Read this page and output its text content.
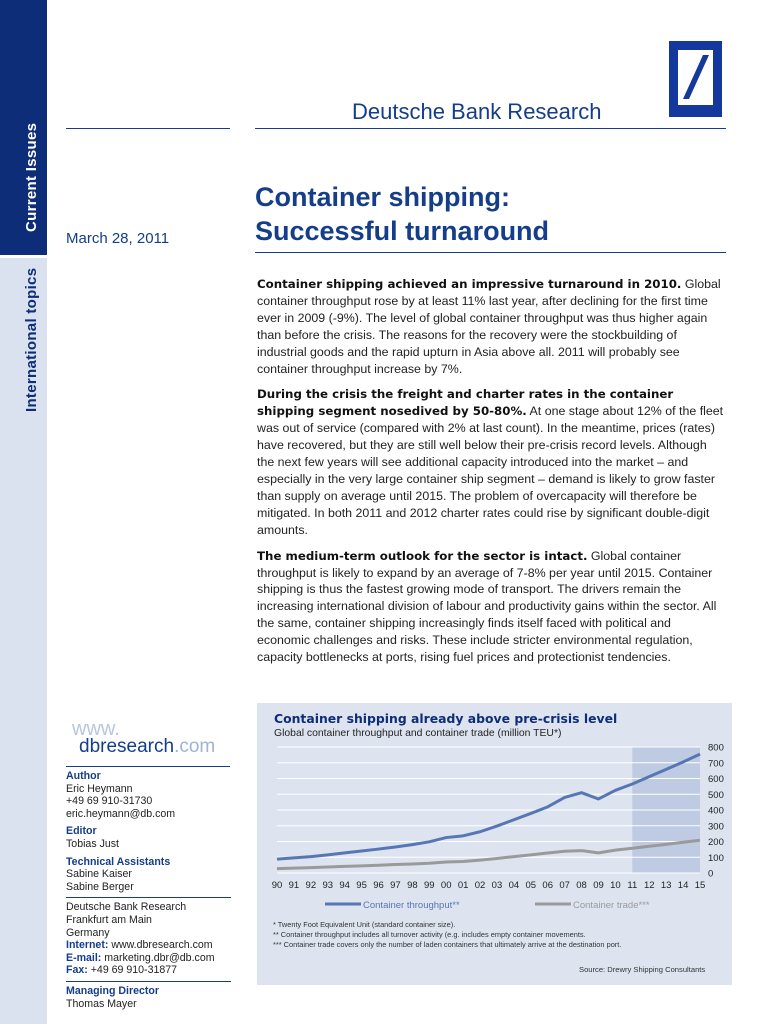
Current Issues
International topics
Deutsche Bank Research
March 28, 2011
Container shipping:
Successful turnaround

Container shipping achieved an impressive turnaround in 2010. Global container throughput rose by at least 11% last year, after declining for the first time ever in 2009 (-9%). The level of global container throughput was thus higher again than before the crisis. The reasons for the recovery were the stockbuilding of industrial goods and the rapid upturn in Asia above all. 2011 will probably see container throughput increase by 7%.

During the crisis the freight and charter rates in the container shipping segment nosedived by 50-80%. At one stage about 12% of the fleet was out of service (compared with 2% at last count). In the meantime, prices (rates) have recovered, but they are still well below their pre-crisis record levels. Although the next few years will see additional capacity introduced into the market – and especially in the very large container ship segment – demand is likely to grow faster than supply on average until 2015. The problem of overcapacity will therefore be mitigated. In both 2011 and 2012 charter rates could rise by significant double-digit amounts.

The medium-term outlook for the sector is intact. Global container throughput is likely to expand by an average of 7-8% per year until 2015. Container shipping is thus the fastest growing mode of transport. The drivers remain the increasing international division of labour and productivity gains within the sector. All the same, container shipping increasingly finds itself faced with political and economic challenges and risks. These include stricter environmental regulation, capacity bottlenecks at ports, rising fuel prices and protectionist tendencies.

www.
dbresearch.com
Author
Eric Heymann
+49 69 910-31730
eric.heymann@db.com
Editor
Tobias Just
Technical Assistants
Sabine Kaiser
Sabine Berger
Deutsche Bank Research
Frankfurt am Main
Germany
Internet: www.dbresearch.com
E-mail: marketing.dbr@db.com
Fax: +49 69 910-31877
Managing Director
Thomas Mayer
Container shipping already above pre-crisis level
Global container throughput and container trade (million TEU*)
0
100
200
300
400
500
600
700
800
90 91 92 93 94 95 96 97 98 99 00 01 02 03 04 05 06 07 08 09 10 11 12 13 14 15
Container throughput**	Container trade***
* Twenty Foot Equivalent Unit (standard container size).
** Container throughput includes all turnover activity (e.g. includes empty container movements.
*** Container trade covers only the number of laden containers that ultimately arrive at the destination port.
Source: Drewry Shipping Consultants
